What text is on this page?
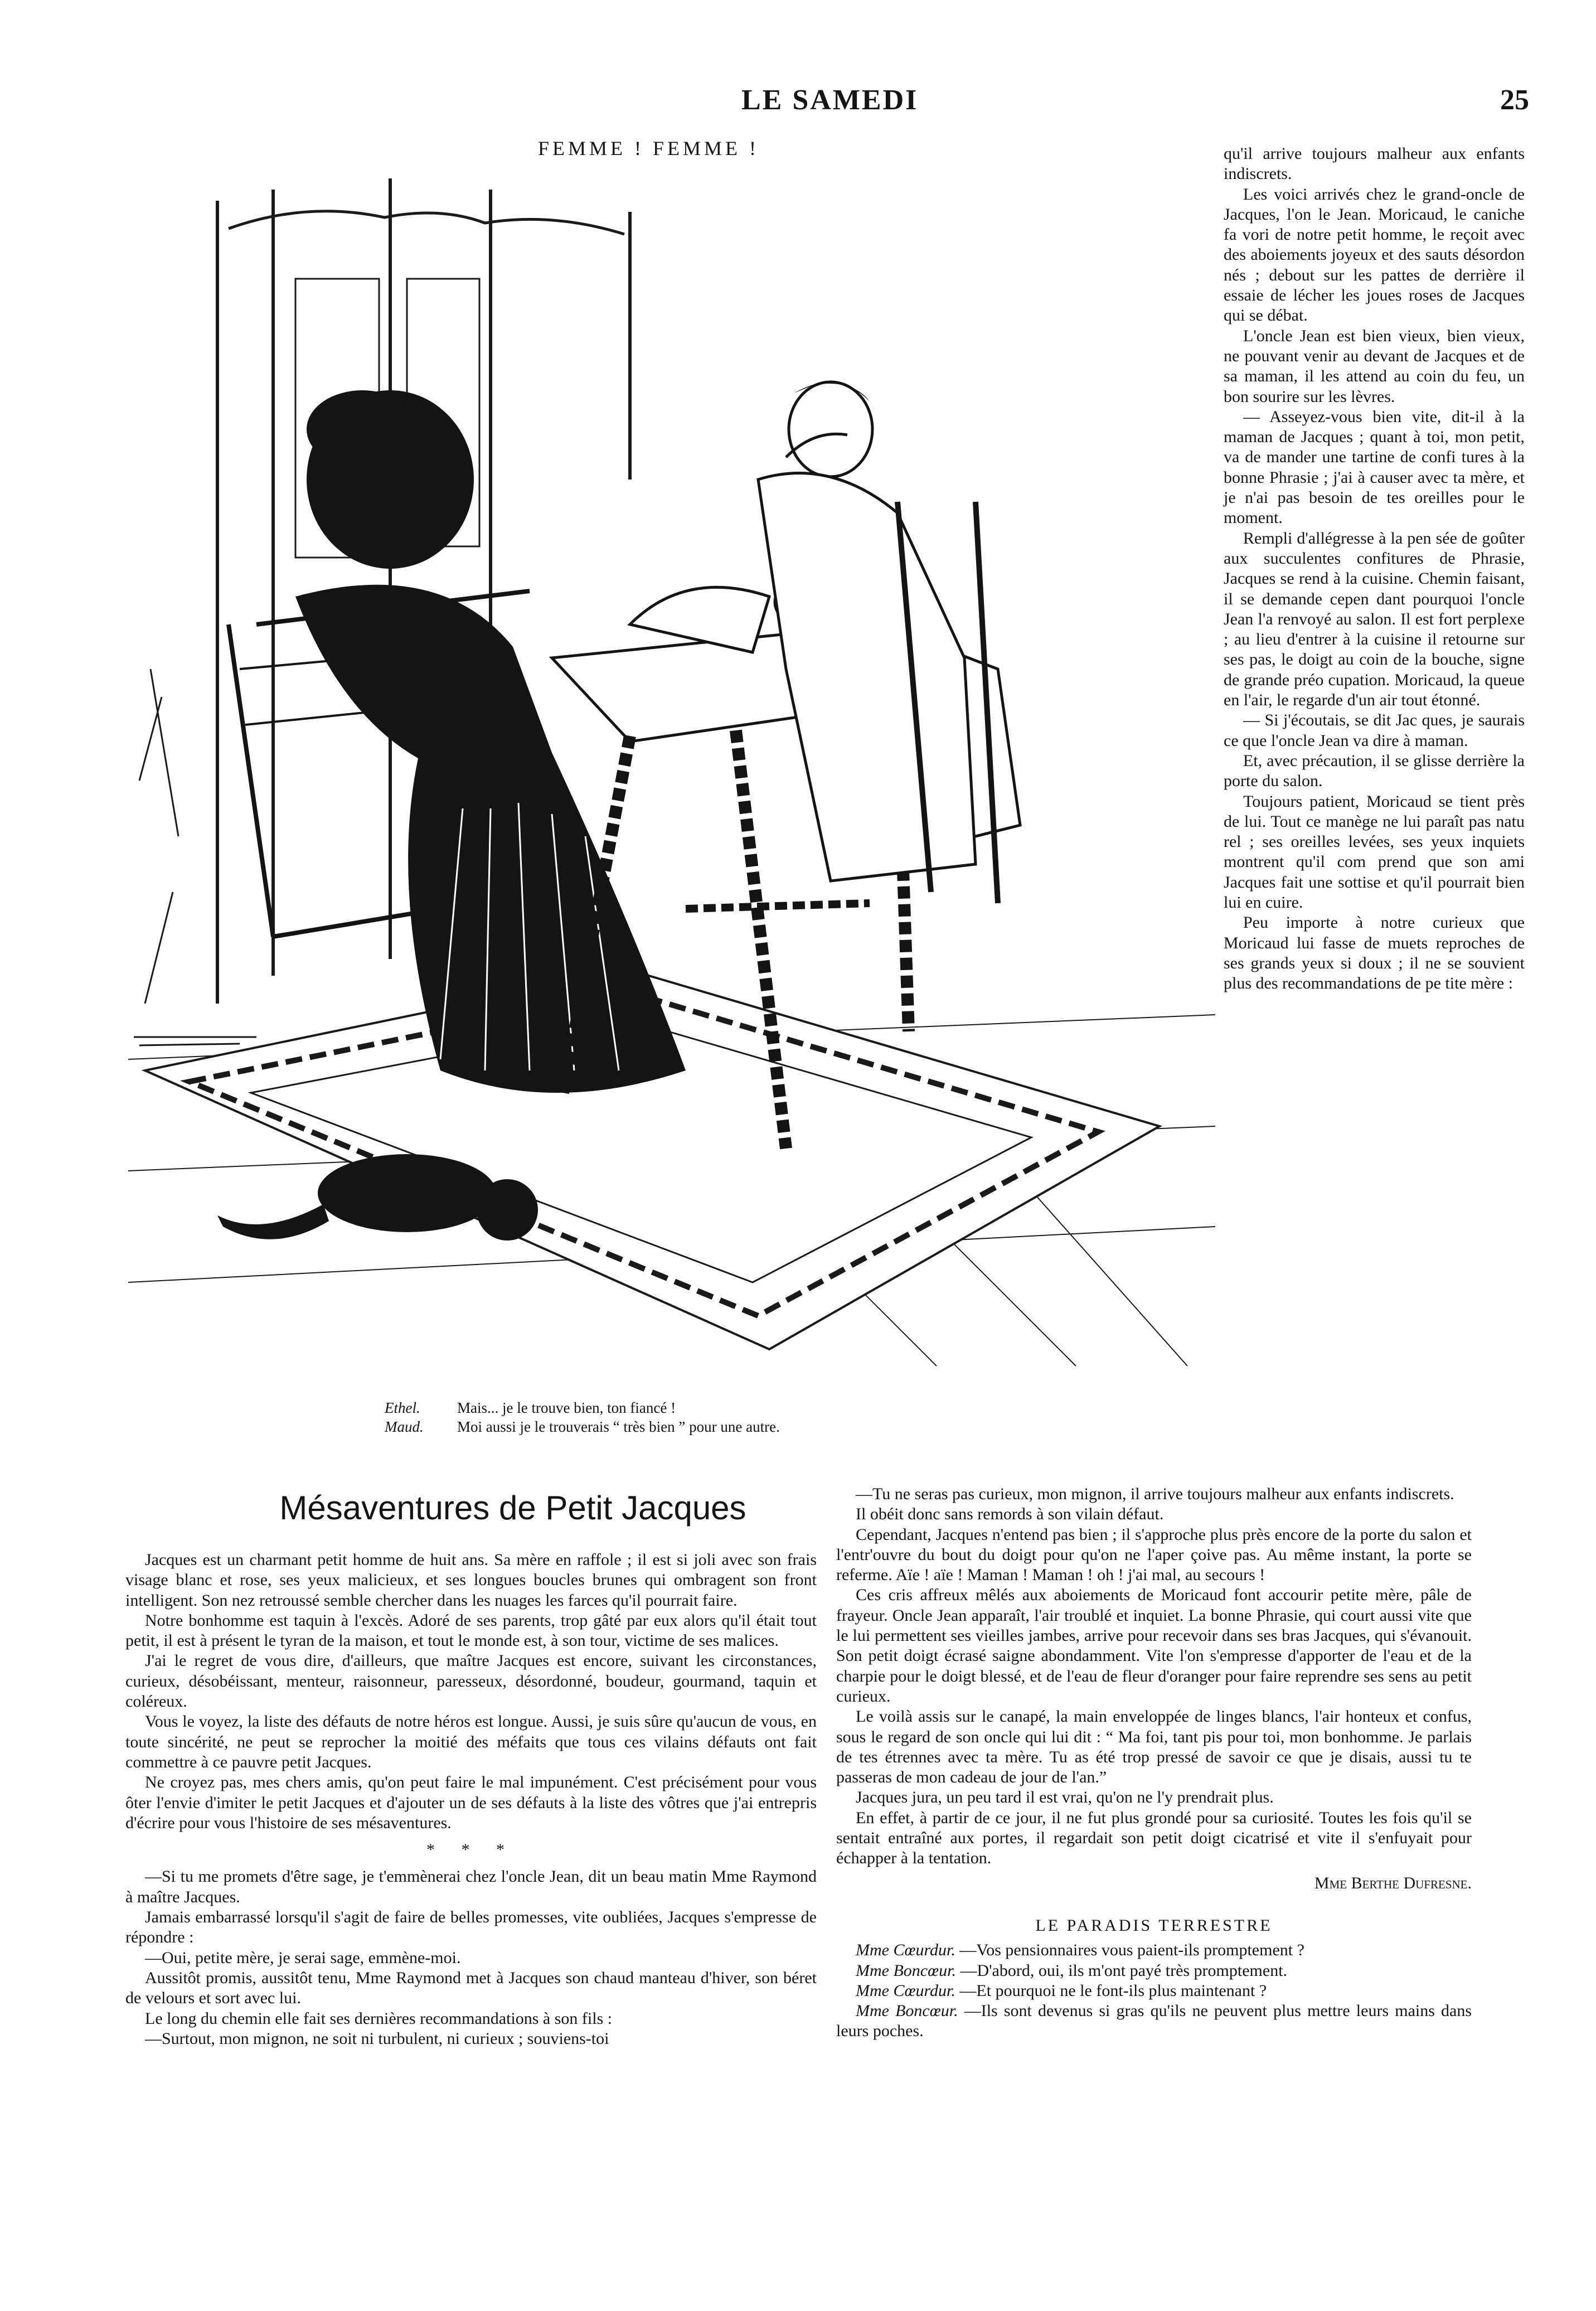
LE SAMEDI	25
FEMME ! FEMME !
Ethel. Mais... je le trouve bien, ton fiancé !
Maud. Moi aussi je le trouverais “ très bien ” pour une autre.
Mésaventures de Petit Jacques

qu'il arrive toujours malheur aux enfants indiscrets.

Les voici arrivés chez le grand-oncle de Jacques, l'on le Jean. Moricaud, le caniche fa vori de notre petit homme, le reçoit avec des aboiements joyeux et des sauts désordon nés ; debout sur les pattes de derrière il essaie de lécher les joues roses de Jacques qui se débat.

L'oncle Jean est bien vieux, bien vieux, ne pouvant venir au devant de Jacques et de sa maman, il les attend au coin du feu, un bon sourire sur les lèvres.

— Asseyez-vous bien vite, dit-il à la maman de Jacques ; quant à toi, mon petit, va de mander une tartine de confi tures à la bonne Phrasie ; j'ai à causer avec ta mère, et je n'ai pas besoin de tes oreilles pour le moment.

Rempli d'allégresse à la pen sée de goûter aux succulentes confitures de Phrasie, Jacques se rend à la cuisine. Chemin faisant, il se demande cepen dant pourquoi l'oncle Jean l'a renvoyé au salon. Il est fort perplexe ; au lieu d'entrer à la cuisine il retourne sur ses pas, le doigt au coin de la bouche, signe de grande préo cupation. Moricaud, la queue en l'air, le regarde d'un air tout étonné.

— Si j'écoutais, se dit Jac ques, je saurais ce que l'oncle Jean va dire à maman.

Et, avec précaution, il se glisse derrière la porte du salon.

Toujours patient, Moricaud se tient près de lui. Tout ce manège ne lui paraît pas natu rel ; ses oreilles levées, ses yeux inquiets montrent qu'il com prend que son ami Jacques fait une sottise et qu'il pourrait bien lui en cuire.

Peu importe à notre curieux que Moricaud lui fasse de muets reproches de ses grands yeux si doux ; il ne se souvient plus des recommandations de pe tite mère :

Jacques est un charmant petit homme de huit ans. Sa mère en raffole ; il est si joli avec son frais visage blanc et rose, ses yeux malicieux, et ses longues boucles brunes qui ombragent son front intelligent. Son nez retroussé semble chercher dans les nuages les farces qu'il pourrait faire.

Notre bonhomme est taquin à l'excès. Adoré de ses parents, trop gâté par eux alors qu'il était tout petit, il est à présent le tyran de la maison, et tout le monde est, à son tour, victime de ses malices.

J'ai le regret de vous dire, d'ailleurs, que maître Jacques est encore, suivant les circonstances, curieux, désobéissant, menteur, raisonneur, paresseux, désordonné, boudeur, gourmand, taquin et coléreux.

Vous le voyez, la liste des défauts de notre héros est longue. Aussi, je suis sûre qu'aucun de vous, en toute sincérité, ne peut se reprocher la moitié des méfaits que tous ces vilains défauts ont fait commettre à ce pauvre petit Jacques.

Ne croyez pas, mes chers amis, qu'on peut faire le mal impunément. C'est précisément pour vous ôter l'envie d'imiter le petit Jacques et d'ajouter un de ses défauts à la liste des vôtres que j'ai entrepris d'écrire pour vous l'histoire de ses mésaventures.

* * *

—Si tu me promets d'être sage, je t'emmènerai chez l'oncle Jean, dit un beau matin Mme Raymond à maître Jacques.

Jamais embarrassé lorsqu'il s'agit de faire de belles promesses, vite oubliées, Jacques s'empresse de répondre :

—Oui, petite mère, je serai sage, emmène-moi.

Aussitôt promis, aussitôt tenu, Mme Raymond met à Jacques son chaud manteau d'hiver, son béret de velours et sort avec lui.

Le long du chemin elle fait ses dernières recommandations à son fils :

—Surtout, mon mignon, ne soit ni turbulent, ni curieux ; souviens-toi

—Tu ne seras pas curieux, mon mignon, il arrive toujours malheur aux enfants indiscrets.

Il obéit donc sans remords à son vilain défaut.

Cependant, Jacques n'entend pas bien ; il s'approche plus près encore de la porte du salon et l'entr'ouvre du bout du doigt pour qu'on ne l'aper çoive pas. Au même instant, la porte se referme. Aïe ! aïe ! Maman ! Maman ! oh ! j'ai mal, au secours !

Ces cris affreux mêlés aux aboiements de Moricaud font accourir petite mère, pâle de frayeur. Oncle Jean apparaît, l'air troublé et inquiet. La bonne Phrasie, qui court aussi vite que le lui permettent ses vieilles jambes, arrive pour recevoir dans ses bras Jacques, qui s'évanouit. Son petit doigt écrasé saigne abondamment. Vite l'on s'empresse d'apporter de l'eau et de la charpie pour le doigt blessé, et de l'eau de fleur d'oranger pour faire reprendre ses sens au petit curieux.

Le voilà assis sur le canapé, la main enveloppée de linges blancs, l'air honteux et confus, sous le regard de son oncle qui lui dit : “ Ma foi, tant pis pour toi, mon bonhomme. Je parlais de tes étrennes avec ta mère. Tu as été trop pressé de savoir ce que je disais, aussi tu te passeras de mon cadeau de jour de l'an.”

Jacques jura, un peu tard il est vrai, qu'on ne l'y prendrait plus.

En effet, à partir de ce jour, il ne fut plus grondé pour sa curiosité. Toutes les fois qu'il se sentait entraîné aux portes, il regardait son petit doigt cicatrisé et vite il s'enfuyait pour échapper à la tentation.

Mme Berthe Dufresne.

LE PARADIS TERRESTRE

Mme Cœurdur. —Vos pensionnaires vous paient-ils promptement ?

Mme Boncœur. —D'abord, oui, ils m'ont payé très promptement.

Mme Cœurdur. —Et pourquoi ne le font-ils plus maintenant ?

Mme Boncœur. —Ils sont devenus si gras qu'ils ne peuvent plus mettre leurs mains dans leurs poches.
